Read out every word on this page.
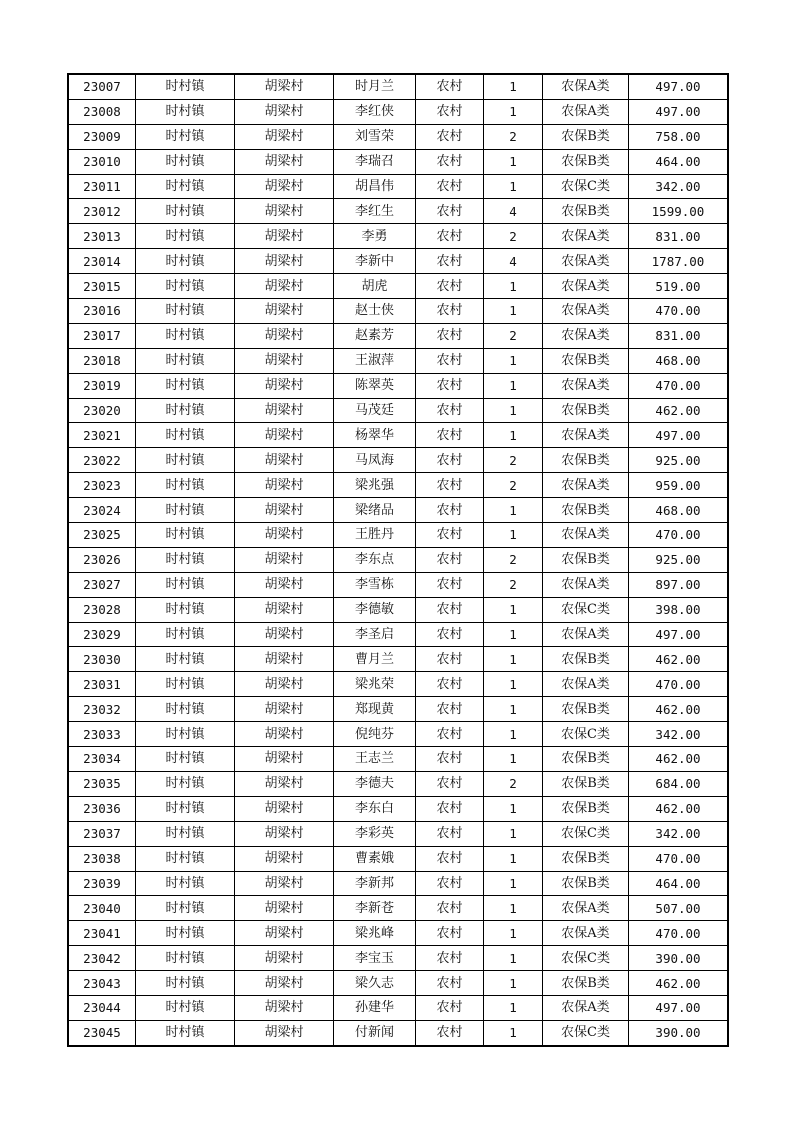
23007	时村镇	胡梁村	时月兰	农村	1	农保A类	497.00
23008	时村镇	胡梁村	李红侠	农村	1	农保A类	497.00
23009	时村镇	胡梁村	刘雪荣	农村	2	农保B类	758.00
23010	时村镇	胡梁村	李瑞召	农村	1	农保B类	464.00
23011	时村镇	胡梁村	胡昌伟	农村	1	农保C类	342.00
23012	时村镇	胡梁村	李红生	农村	4	农保B类	1599.00
23013	时村镇	胡梁村	李勇	农村	2	农保A类	831.00
23014	时村镇	胡梁村	李新中	农村	4	农保A类	1787.00
23015	时村镇	胡梁村	胡虎	农村	1	农保A类	519.00
23016	时村镇	胡梁村	赵士侠	农村	1	农保A类	470.00
23017	时村镇	胡梁村	赵素芳	农村	2	农保A类	831.00
23018	时村镇	胡梁村	王淑萍	农村	1	农保B类	468.00
23019	时村镇	胡梁村	陈翠英	农村	1	农保A类	470.00
23020	时村镇	胡梁村	马茂廷	农村	1	农保B类	462.00
23021	时村镇	胡梁村	杨翠华	农村	1	农保A类	497.00
23022	时村镇	胡梁村	马凤海	农村	2	农保B类	925.00
23023	时村镇	胡梁村	梁兆强	农村	2	农保A类	959.00
23024	时村镇	胡梁村	梁绪品	农村	1	农保B类	468.00
23025	时村镇	胡梁村	王胜丹	农村	1	农保A类	470.00
23026	时村镇	胡梁村	李东点	农村	2	农保B类	925.00
23027	时村镇	胡梁村	李雪栋	农村	2	农保A类	897.00
23028	时村镇	胡梁村	李德敏	农村	1	农保C类	398.00
23029	时村镇	胡梁村	李圣启	农村	1	农保A类	497.00
23030	时村镇	胡梁村	曹月兰	农村	1	农保B类	462.00
23031	时村镇	胡梁村	梁兆荣	农村	1	农保A类	470.00
23032	时村镇	胡梁村	郑现黄	农村	1	农保B类	462.00
23033	时村镇	胡梁村	倪纯芬	农村	1	农保C类	342.00
23034	时村镇	胡梁村	王志兰	农村	1	农保B类	462.00
23035	时村镇	胡梁村	李德夫	农村	2	农保B类	684.00
23036	时村镇	胡梁村	李东白	农村	1	农保B类	462.00
23037	时村镇	胡梁村	李彩英	农村	1	农保C类	342.00
23038	时村镇	胡梁村	曹素娥	农村	1	农保B类	470.00
23039	时村镇	胡梁村	李新邦	农村	1	农保B类	464.00
23040	时村镇	胡梁村	李新苍	农村	1	农保A类	507.00
23041	时村镇	胡梁村	梁兆峰	农村	1	农保A类	470.00
23042	时村镇	胡梁村	李宝玉	农村	1	农保C类	390.00
23043	时村镇	胡梁村	梁久志	农村	1	农保B类	462.00
23044	时村镇	胡梁村	孙建华	农村	1	农保A类	497.00
23045	时村镇	胡梁村	付新闻	农村	1	农保C类	390.00
